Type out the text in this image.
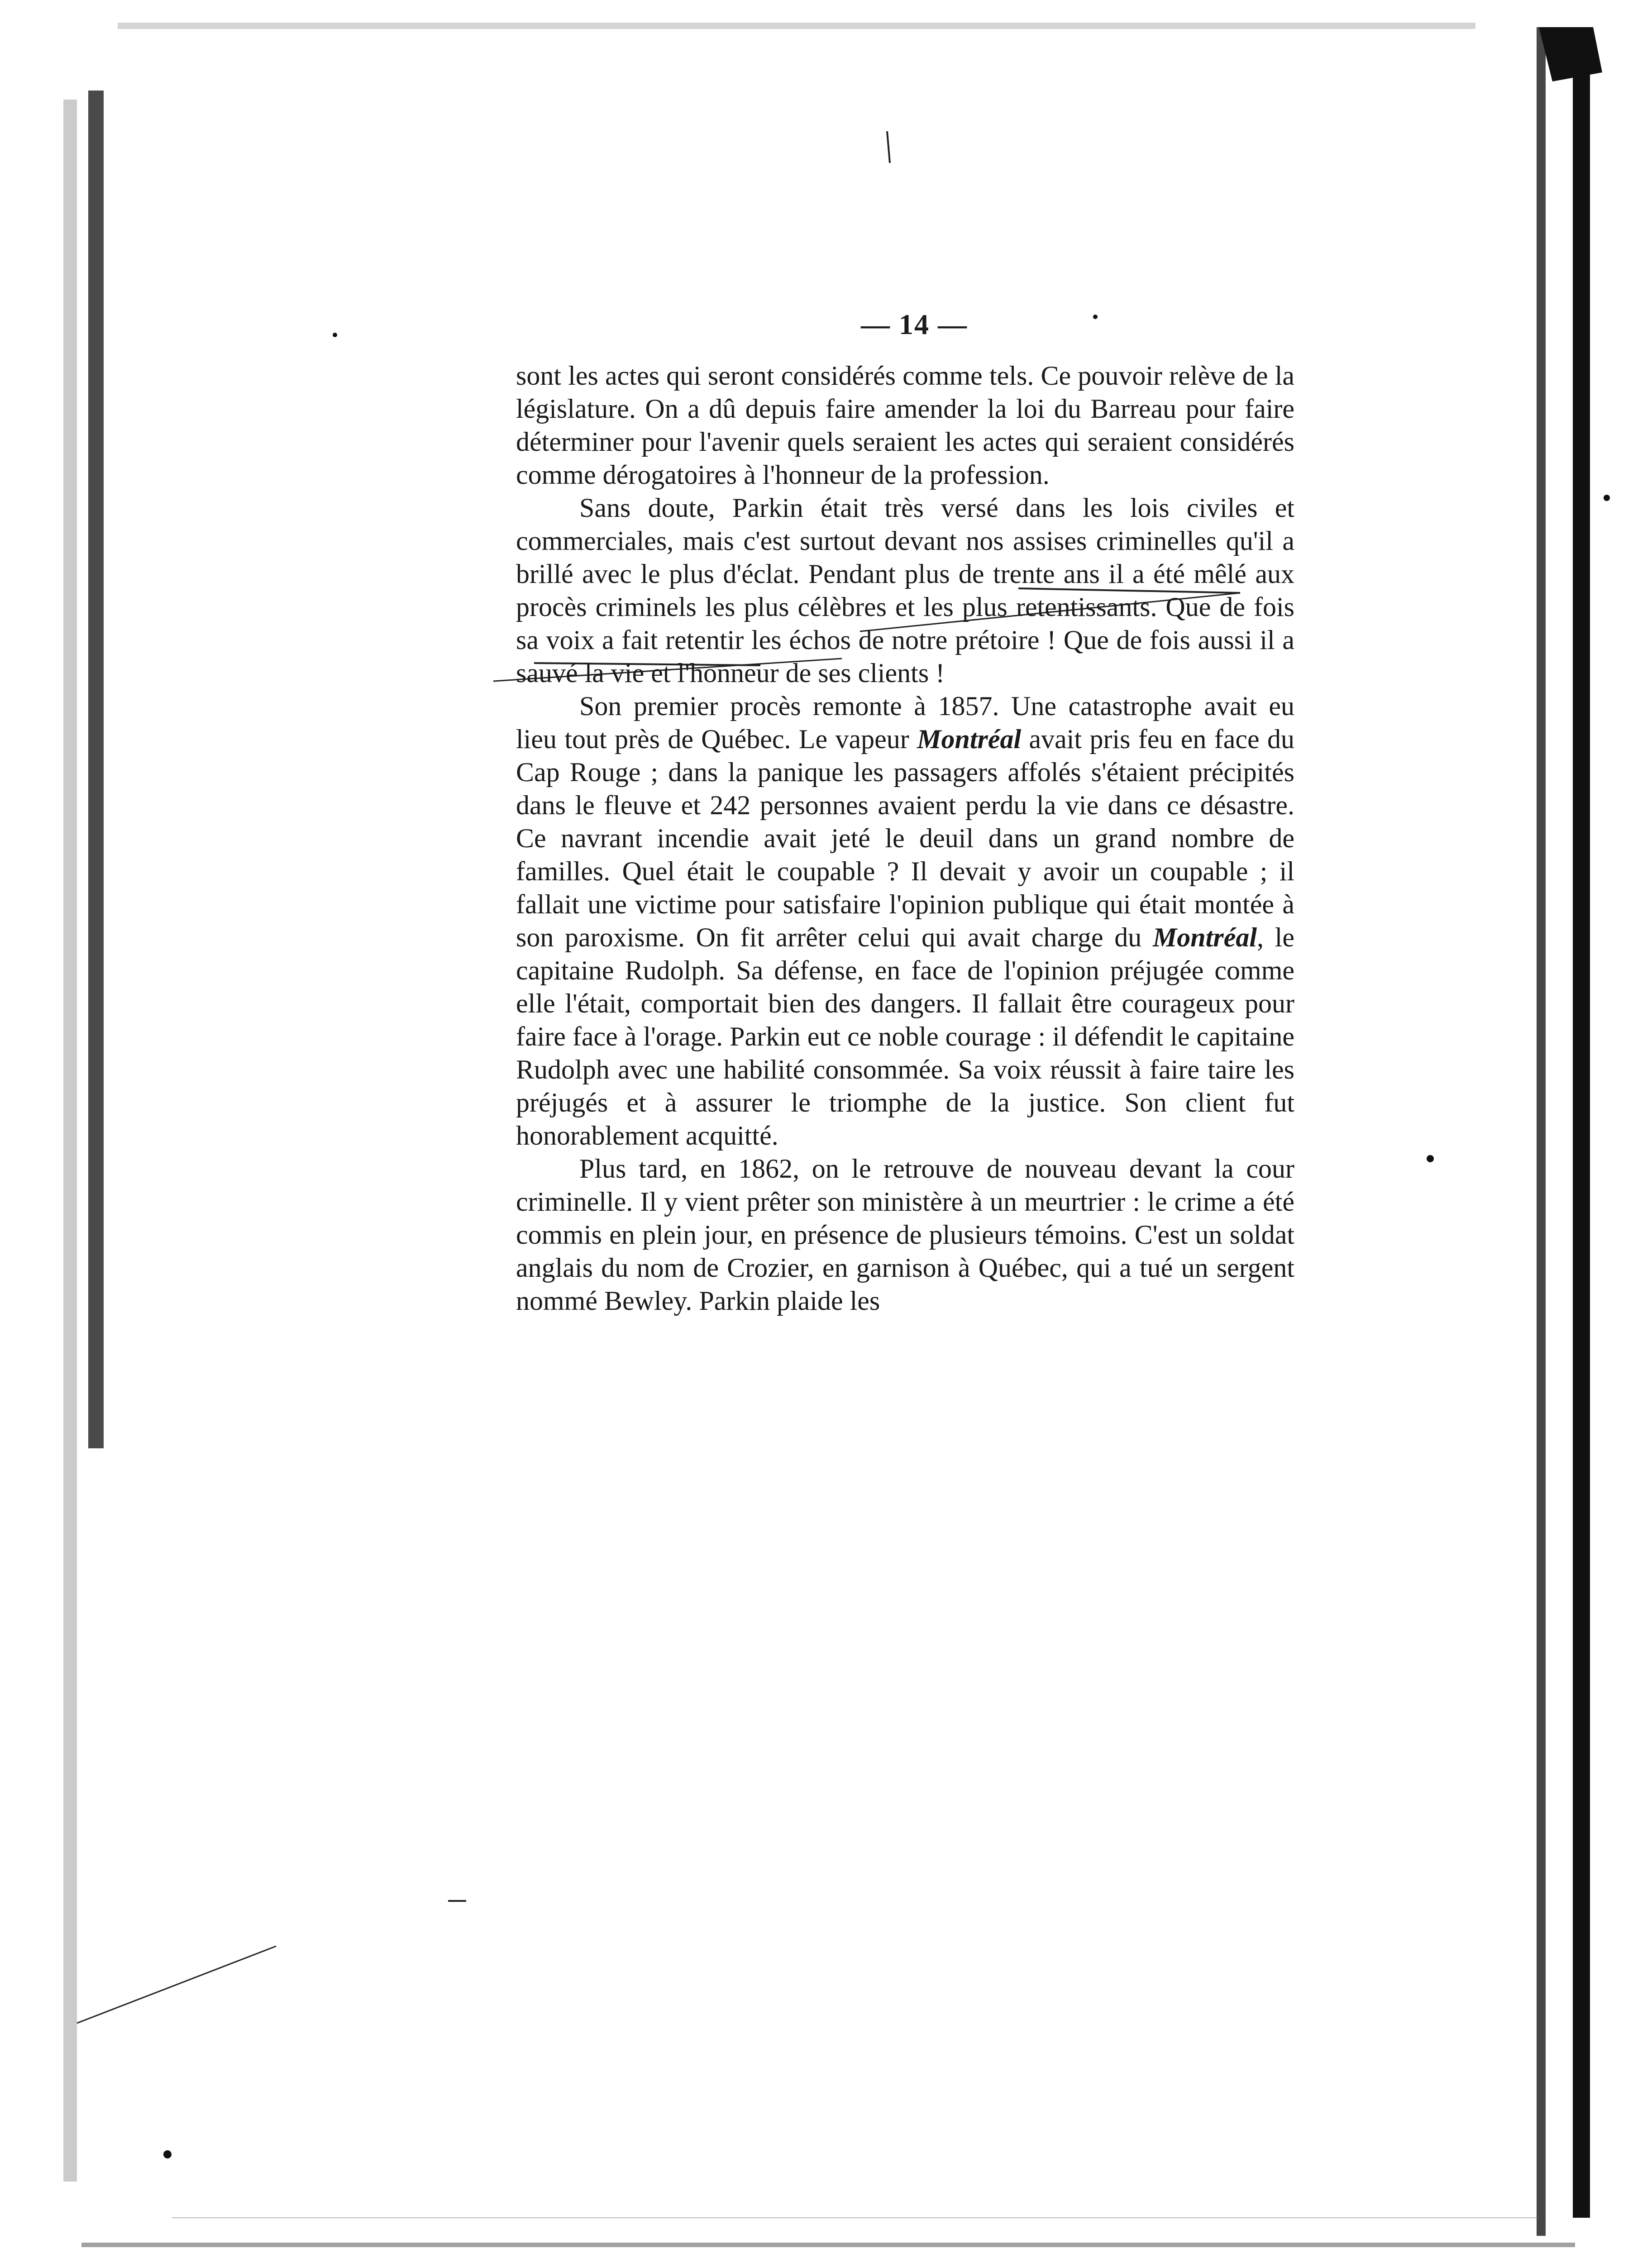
— 14 —

sont les actes qui seront considérés comme tels. Ce pouvoir relève de la législature. On a dû depuis faire amender la loi du Barreau pour faire déterminer pour l'avenir quels seraient les actes qui seraient considérés comme dérogatoires à l'honneur de la profession.

Sans doute, Parkin était très versé dans les lois civiles et commerciales, mais c'est surtout devant nos assises criminelles qu'il a brillé avec le plus d'éclat. Pendant plus de trente ans il a été mêlé aux procès criminels les plus célèbres et les plus retentissants. Que de fois sa voix a fait retentir les échos de notre prétoire ! Que de fois aussi il a sauvé la vie et l'honneur de ses clients !

Son premier procès remonte à 1857. Une catastrophe avait eu lieu tout près de Québec. Le vapeur Montréal avait pris feu en face du Cap Rouge ; dans la panique les passagers affolés s'étaient précipités dans le fleuve et 242 personnes avaient perdu la vie dans ce désastre. Ce navrant incendie avait jeté le deuil dans un grand nombre de familles. Quel était le coupable ? Il devait y avoir un coupable ; il fallait une victime pour satisfaire l'opinion publique qui était montée à son paroxisme. On fit arrêter celui qui avait charge du Montréal, le capitaine Rudolph. Sa défense, en face de l'opinion préjugée comme elle l'était, comportait bien des dangers. Il fallait être courageux pour faire face à l'orage. Parkin eut ce noble courage : il défendit le capitaine Rudolph avec une habilité consommée. Sa voix réussit à faire taire les préjugés et à assurer le triomphe de la justice. Son client fut honorablement acquitté.

Plus tard, en 1862, on le retrouve de nouveau devant la cour criminelle. Il y vient prêter son ministère à un meurtrier : le crime a été commis en plein jour, en présence de plusieurs témoins. C'est un soldat anglais du nom de Crozier, en garnison à Québec, qui a tué un sergent nommé Bewley. Parkin plaide les
